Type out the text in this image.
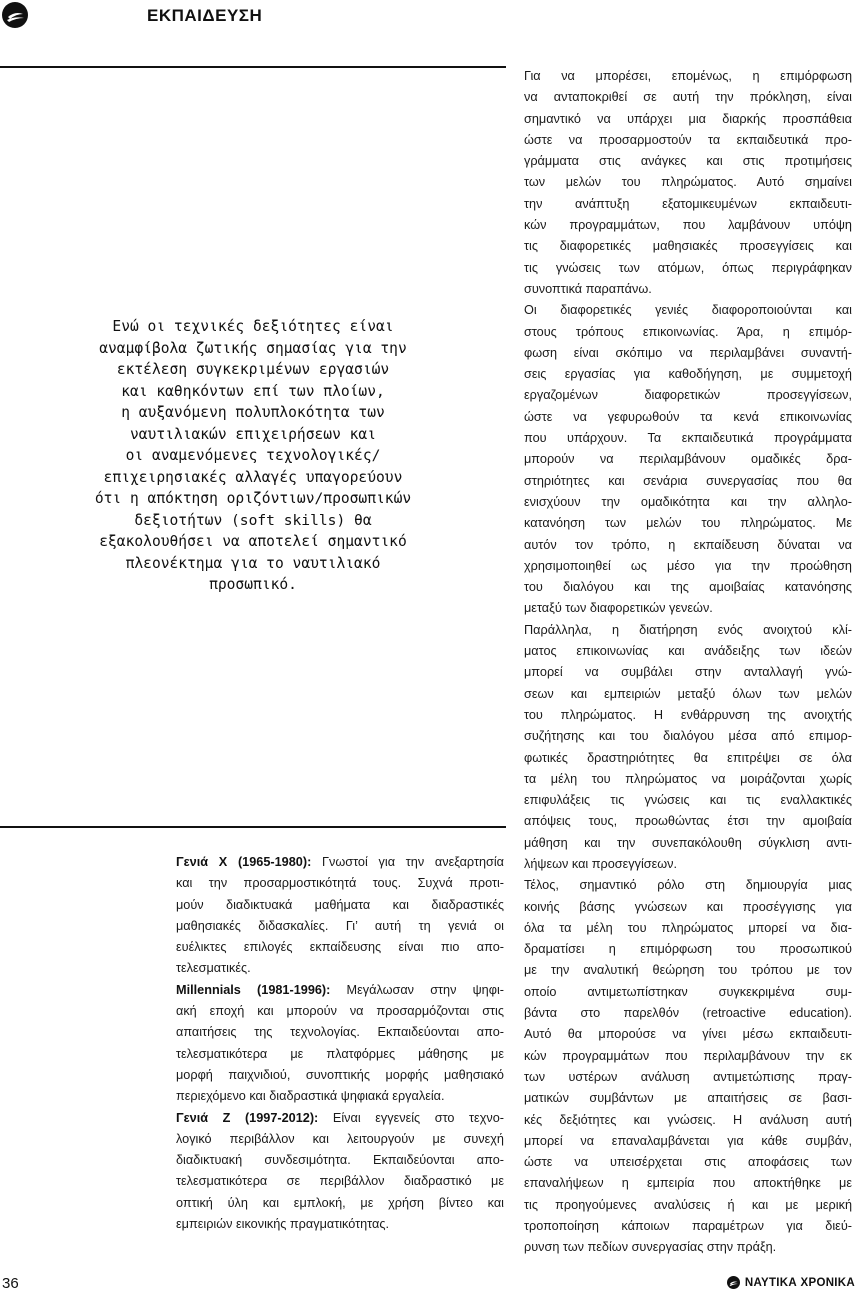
ΕΚΠΑΙΔΕΥΣΗ
Ενώ οι τεχνικές δεξιότητες είναι
αναμφίβολα ζωτικής σημασίας για την
εκτέλεση συγκεκριμένων εργασιών
και καθηκόντων επί των πλοίων,
η αυξανόμενη πολυπλοκότητα των
ναυτιλιακών επιχειρήσεων και
οι αναμενόμενες τεχνολογικές/
επιχειρησιακές αλλαγές υπαγορεύουν
ότι η απόκτηση οριζόντιων/προσωπικών
δεξιοτήτων (soft skills) θα
εξακολουθήσει να αποτελεί σημαντικό
πλεονέκτημα για το ναυτιλιακό
προσωπικό.
Γενιά Χ (1965-1980): Γνωστοί για την ανεξαρτησία
και την προσαρμοστικότητά τους. Συχνά προτι-
μούν διαδικτυακά μαθήματα και διαδραστικές
μαθησιακές διδασκαλίες. Γι’ αυτή τη γενιά οι
ευέλικτες επιλογές εκπαίδευσης είναι πιο απο-
τελεσματικές.
Millennials (1981-1996): Μεγάλωσαν στην ψηφι-
ακή εποχή και μπορούν να προσαρμόζονται στις
απαιτήσεις της τεχνολογίας. Εκπαιδεύονται απο-
τελεσματικότερα με πλατφόρμες μάθησης με
μορφή παιχνιδιού, συνοπτικής μορφής μαθησιακό
περιεχόμενο και διαδραστικά ψηφιακά εργαλεία.
Γενιά Ζ (1997-2012): Είναι εγγενείς στο τεχνο-
λογικό περιβάλλον και λειτουργούν με συνεχή
διαδικτυακή συνδεσιμότητα. Εκπαιδεύονται απο-
τελεσματικότερα σε περιβάλλον διαδραστικό με
οπτική ύλη και εμπλοκή, με χρήση βίντεο και
εμπειριών εικονικής πραγματικότητας.
Για να μπορέσει, επομένως, η επιμόρφωση
να ανταποκριθεί σε αυτή την πρόκληση, είναι
σημαντικό να υπάρχει μια διαρκής προσπάθεια
ώστε να προσαρμοστούν τα εκπαιδευτικά προ-
γράμματα στις ανάγκες και στις προτιμήσεις
των μελών του πληρώματος. Αυτό σημαίνει
την ανάπτυξη εξατομικευμένων εκπαιδευτι-
κών προγραμμάτων, που λαμβάνουν υπόψη
τις διαφορετικές μαθησιακές προσεγγίσεις και
τις γνώσεις των ατόμων, όπως περιγράφηκαν
συνοπτικά παραπάνω.
Οι διαφορετικές γενιές διαφοροποιούνται και
στους τρόπους επικοινωνίας. Άρα, η επιμόρ-
φωση είναι σκόπιμο να περιλαμβάνει συναντή-
σεις εργασίας για καθοδήγηση, με συμμετοχή
εργαζομένων διαφορετικών προσεγγίσεων,
ώστε να γεφυρωθούν τα κενά επικοινωνίας
που υπάρχουν. Τα εκπαιδευτικά προγράμματα
μπορούν να περιλαμβάνουν ομαδικές δρα-
στηριότητες και σενάρια συνεργασίας που θα
ενισχύουν την ομαδικότητα και την αλληλο-
κατανόηση των μελών του πληρώματος. Με
αυτόν τον τρόπο, η εκπαίδευση δύναται να
χρησιμοποιηθεί ως μέσο για την προώθηση
του διαλόγου και της αμοιβαίας κατανόησης
μεταξύ των διαφορετικών γενεών.
Παράλληλα, η διατήρηση ενός ανοιχτού κλί-
ματος επικοινωνίας και ανάδειξης των ιδεών
μπορεί να συμβάλει στην ανταλλαγή γνώ-
σεων και εμπειριών μεταξύ όλων των μελών
του πληρώματος. Η ενθάρρυνση της ανοιχτής
συζήτησης και του διαλόγου μέσα από επιμορ-
φωτικές δραστηριότητες θα επιτρέψει σε όλα
τα μέλη του πληρώματος να μοιράζονται χωρίς
επιφυλάξεις τις γνώσεις και τις εναλλακτικές
απόψεις τους, προωθώντας έτσι την αμοιβαία
μάθηση και την συνεπακόλουθη σύγκλιση αντι-
λήψεων και προσεγγίσεων.
Τέλος, σημαντικό ρόλο στη δημιουργία μιας
κοινής βάσης γνώσεων και προσέγγισης για
όλα τα μέλη του πληρώματος μπορεί να δια-
δραματίσει η επιμόρφωση του προσωπικού
με την αναλυτική θεώρηση του τρόπου με τον
οποίο αντιμετωπίστηκαν συγκεκριμένα συμ-
βάντα στο παρελθόν (retroactive education).
Αυτό θα μπορούσε να γίνει μέσω εκπαιδευτι-
κών προγραμμάτων που περιλαμβάνουν την εκ
των υστέρων ανάλυση αντιμετώπισης πραγ-
ματικών συμβάντων με απαιτήσεις σε βασι-
κές δεξιότητες και γνώσεις. Η ανάλυση αυτή
μπορεί να επαναλαμβάνεται για κάθε συμβάν,
ώστε να υπεισέρχεται στις αποφάσεις των
επαναλήψεων η εμπειρία που αποκτήθηκε με
τις προηγούμενες αναλύσεις ή και με μερική
τροποποίηση κάποιων παραμέτρων για διεύ-
ρυνση των πεδίων συνεργασίας στην πράξη.
36	ΝΑΥΤΙΚΑ ΧΡΟΝΙΚΑ
